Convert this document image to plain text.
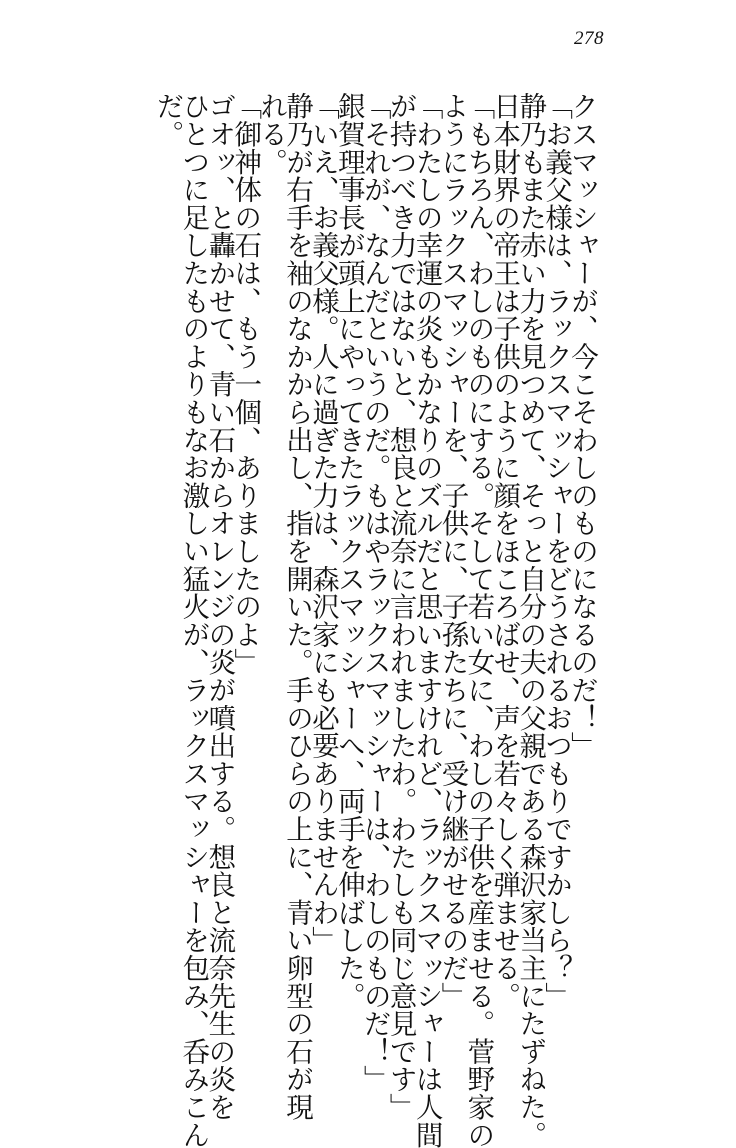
278
クスマッシャーが、今こそわしのものになるのだ！」
「お義父様は、ラックスマッシャーをどうされるおつもりですかしら？」
静乃もまた赤い力を見つめて、そっと自分の夫の父親である森沢家当主にたずねた。
日本財界の帝王は子供のように顔をほころばせ、声を若々しく弾ませる。
「もちろん、わしのものにする。そして若い女に、わしの子供を産ませる。菅野家の
ようにラックスマッシャーを、子供に、子孫たちに、受け継がせるのだ」
「わたしの幸運の炎もかなりのズルだと思いますけれど、ラックスマッシャーは人間
が持つべき力ではないと、想良と流奈に言われましたわ。わたしも同じ意見です」
「それが、なんだというのだ。もはやラックスマッシャーは、わしのものだ！」
銀賀理事長が頭上にやってきたラックスマッシャーへ、両手を伸ばした。
「いえ、お義父様。人に過ぎた力は、森沢家にも必要ありませんわ」
静乃が右手を袖のなかから出し、指を開いた。手のひらの上に、青い卵型の石が現
れる。
「御神体の石は、もう一個、ありましたのよ」
ゴオッ、と轟かせて、青い石からオレンジの炎が噴出する。想良と流奈先生の炎を
ひとつに足したものよりもなお激しい猛火が、ラックスマッシャーを包み、呑みこん
だ。
